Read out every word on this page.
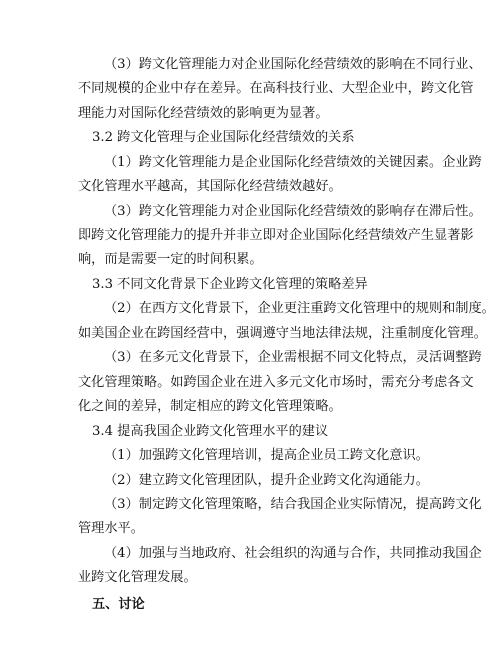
（3）跨文化管理能力对企业国际化经营绩效的影响在不同行业、
不同规模的企业中存在差异。在高科技行业、大型企业中，跨文化管
理能力对国际化经营绩效的影响更为显著。
3.2 跨文化管理与企业国际化经营绩效的关系
（1）跨文化管理能力是企业国际化经营绩效的关键因素。企业跨
文化管理水平越高，其国际化经营绩效越好。
（3）跨文化管理能力对企业国际化经营绩效的影响存在滞后性。
即跨文化管理能力的提升并非立即对企业国际化经营绩效产生显著影
响，而是需要一定的时间积累。
3.3 不同文化背景下企业跨文化管理的策略差异
（2）在西方文化背景下，企业更注重跨文化管理中的规则和制度。
如美国企业在跨国经营中，强调遵守当地法律法规，注重制度化管理。
（3）在多元文化背景下，企业需根据不同文化特点，灵活调整跨
文化管理策略。如跨国企业在进入多元文化市场时，需充分考虑各文
化之间的差异，制定相应的跨文化管理策略。
3.4 提高我国企业跨文化管理水平的建议
（1）加强跨文化管理培训，提高企业员工跨文化意识。
（2）建立跨文化管理团队，提升企业跨文化沟通能力。
（3）制定跨文化管理策略，结合我国企业实际情况，提高跨文化
管理水平。
（4）加强与当地政府、社会组织的沟通与合作，共同推动我国企
业跨文化管理发展。
五、讨论
